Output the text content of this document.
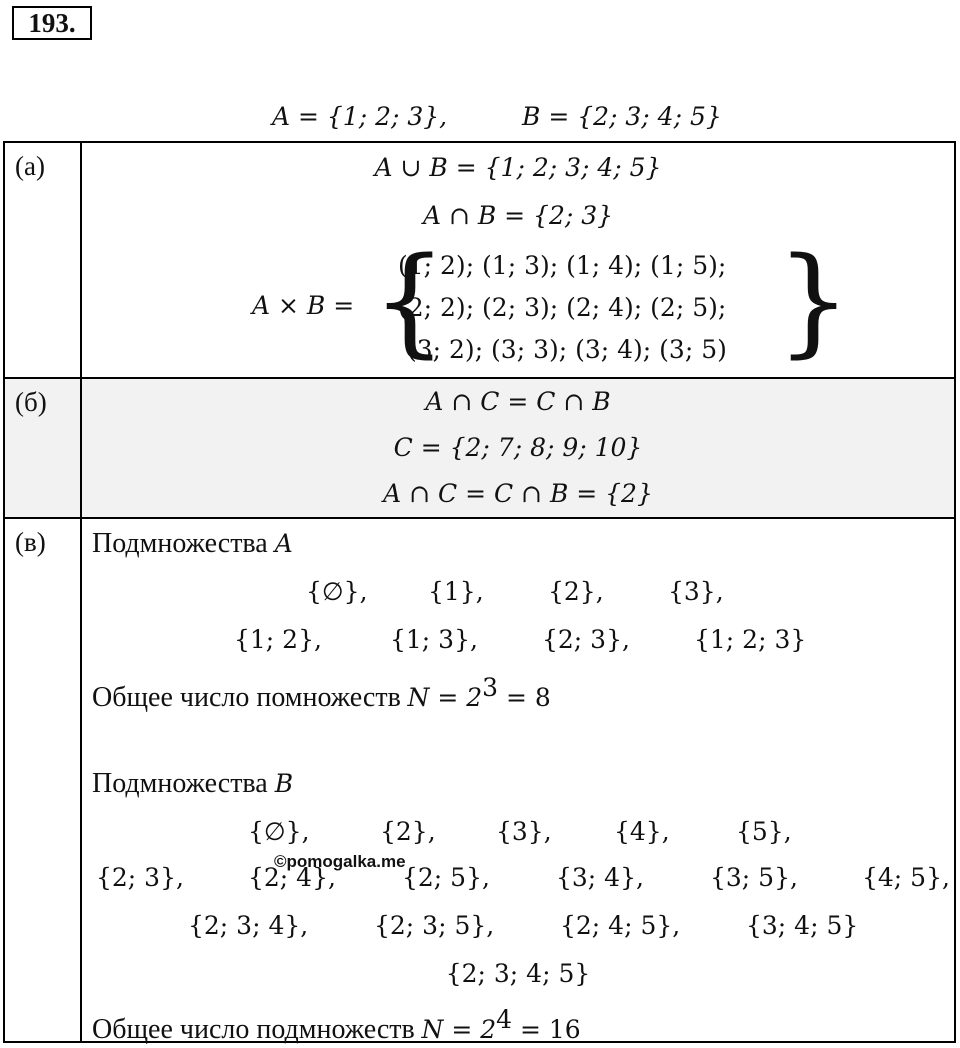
193.
A = {1; 2; 3},	B = {2; 3; 4; 5}
(а)	A ∪ B = {1; 2; 3; 4; 5}
A ∩ B = {2; 3}
A × B = {
(1; 2); (1; 3); (1; 4); (1; 5);
(2; 2); (2; 3); (2; 4); (2; 5);
(3; 2); (3; 3); (3; 4); (3; 5) }
(б)	A ∩ C = C ∩ B
C = {2; 7; 8; 9; 10}
A ∩ C = C ∩ B = {2}
(в)	Подмножества A
{∅}, {1},	{2},	{3},
{1; 2},	{1; 3},	{2; 3},	{1; 2; 3}
Общее число помножеств $N = 2^3 = 8$
©pomogalka.me
Подмножества B
{∅},	{2}, {3}, {4},	{5},
{2; 3},	{2; 4},	{2; 5},	{3; 4},	{3; 5},	{4; 5},
{2; 3; 4},	{2; 3; 5},	{2; 4; 5},	{3; 4; 5}
{2; 3; 4; 5}
Общее число подмножеств $N = 2^4 = 16$
